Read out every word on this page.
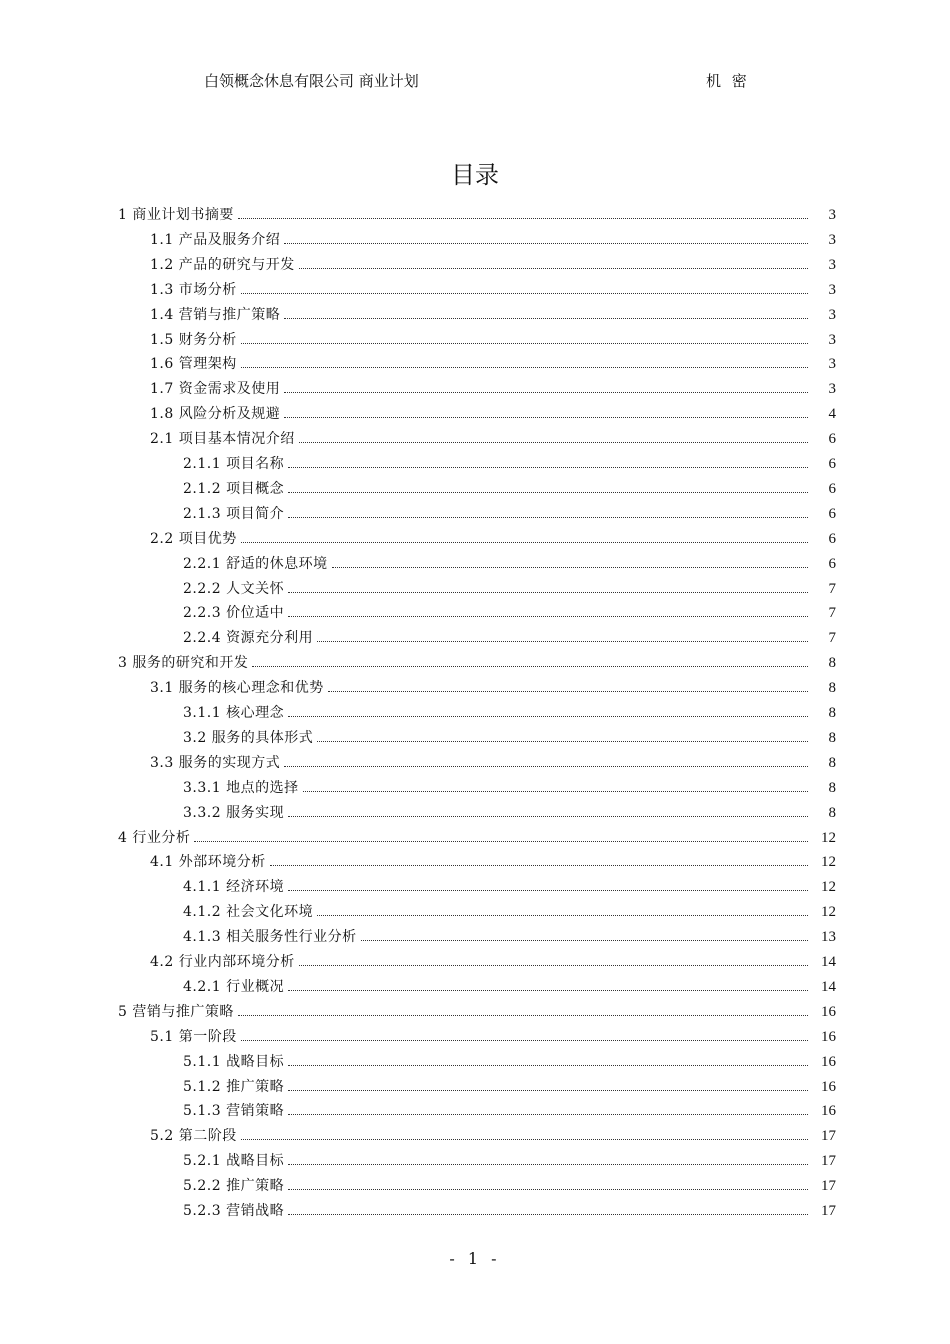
白领概念休息有限公司 商业计划	机 密
目录
1 商业计划书摘要	3
1.1 产品及服务介绍	3
1.2 产品的研究与开发	3
1.3 市场分析	3
1.4 营销与推广策略	3
1.5 财务分析	3
1.6 管理架构	3
1.7 资金需求及使用	3
1.8 风险分析及规避	4
2.1 项目基本情况介绍	6
2.1.1 项目名称	6
2.1.2 项目概念	6
2.1.3 项目简介	6
2.2 项目优势	6
2.2.1 舒适的休息环境	6
2.2.2 人文关怀	7
2.2.3 价位适中	7
2.2.4 资源充分利用	7
3 服务的研究和开发	8
3.1 服务的核心理念和优势	8
3.1.1 核心理念	8
3.2 服务的具体形式	8
3.3 服务的实现方式	8
3.3.1 地点的选择	8
3.3.2 服务实现	8
4 行业分析	12
4.1 外部环境分析	12
4.1.1 经济环境	12
4.1.2 社会文化环境	12
4.1.3 相关服务性行业分析	13
4.2 行业内部环境分析	14
4.2.1 行业概况	14
5 营销与推广策略	16
5.1 第一阶段	16
5.1.1 战略目标	16
5.1.2 推广策略	16
5.1.3 营销策略	16
5.2 第二阶段	17
5.2.1 战略目标	17
5.2.2 推广策略	17
5.2.3 营销战略	17
- 1 -
